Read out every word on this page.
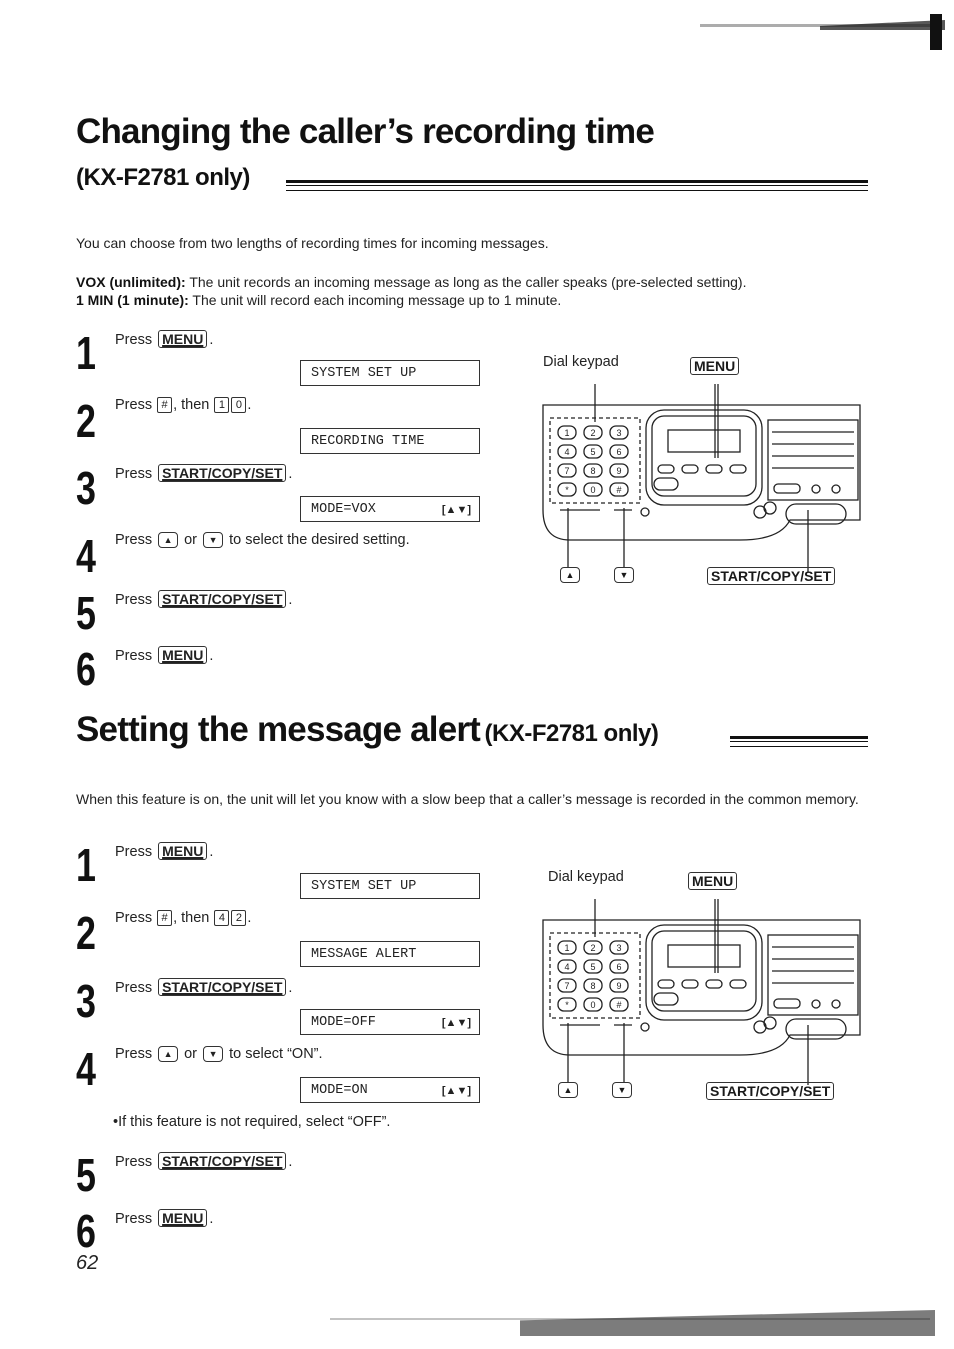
Changing the caller’s recording time
(KX-F2781 only)
You can choose from two lengths of recording times for incoming messages.
VOX (unlimited): The unit records an incoming message as long as the caller speaks (pre-selected setting).
1 MIN (1 minute): The unit will record each incoming message up to 1 minute.
1 Press MENU .
SYSTEM SET UP
2 Press # , then 1 0 .
RECORDING TIME
3 Press START/COPY/SET .
MODE=VOX	[▲▼]
4 Press ▲ or ▼ to select the desired setting.
5 Press START/COPY/SET .
6 Press MENU .
Dial keypad	MENU
1 2 3
4 5 6
7 8 9
* 0 #
▲	▼	START/COPY/SET
Setting the message alert (KX-F2781 only)
When this feature is on, the unit will let you know with a slow beep that a caller’s message is recorded in the common memory.
1 Press MENU .
SYSTEM SET UP
2 Press # , then 4 2 .
MESSAGE ALERT
3 Press START/COPY/SET .
MODE=OFF	[▲▼]
4 Press ▲ or ▼ to select “ON”.
MODE=ON	[▲▼]
•If this feature is not required, select “OFF”.
5 Press START/COPY/SET .
6 Press MENU .
Dial keypad	MENU
1 2 3
4 5 6
7 8 9
* 0 #
▲	▼	START/COPY/SET
62
